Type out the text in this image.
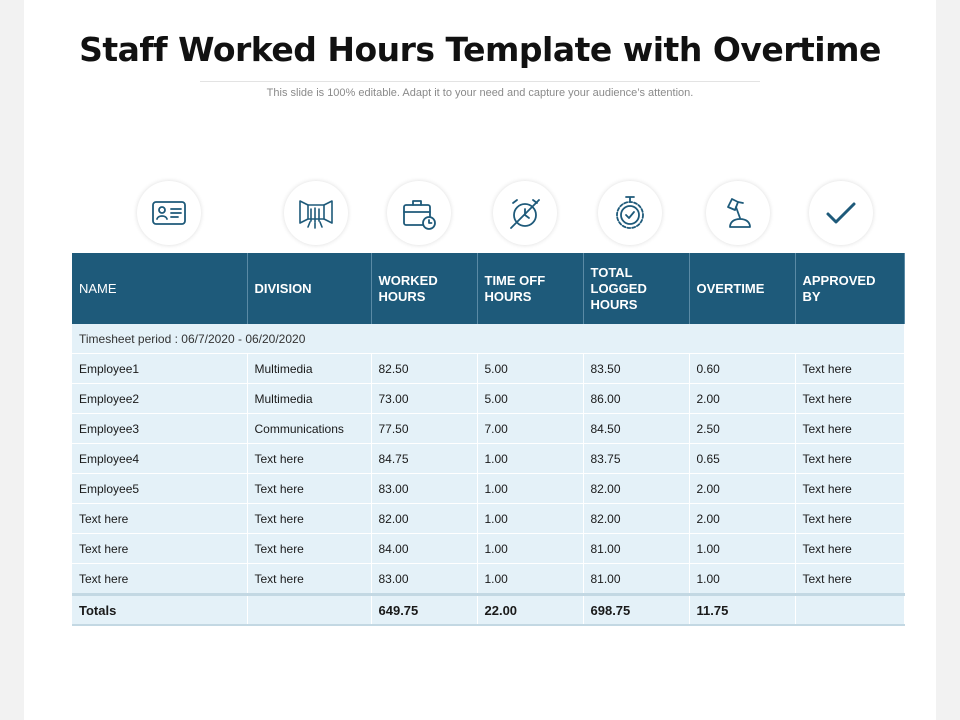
Staff Worked Hours Template with Overtime
This slide is 100% editable. Adapt it to your need and capture your audience’s attention.
NAME	DIVISION	WORKED HOURS	TIME OFF HOURS	TOTAL LOGGED HOURS	OVERTIME	APPROVED BY
Timesheet period : 06/7/2020 - 06/20/2020						
Employee1	Multimedia	82.50	5.00	83.50	0.60	Text here
Employee2	Multimedia	73.00	5.00	86.00	2.00	Text here
Employee3	Communications	77.50	7.00	84.50	2.50	Text here
Employee4	Text here	84.75	1.00	83.75	0.65	Text here
Employee5	Text here	83.00	1.00	82.00	2.00	Text here
Text here	Text here	82.00	1.00	82.00	2.00	Text here
Text here	Text here	84.00	1.00	81.00	1.00	Text here
Text here	Text here	83.00	1.00	81.00	1.00	Text here
Totals		649.75	22.00	698.75	11.75	
